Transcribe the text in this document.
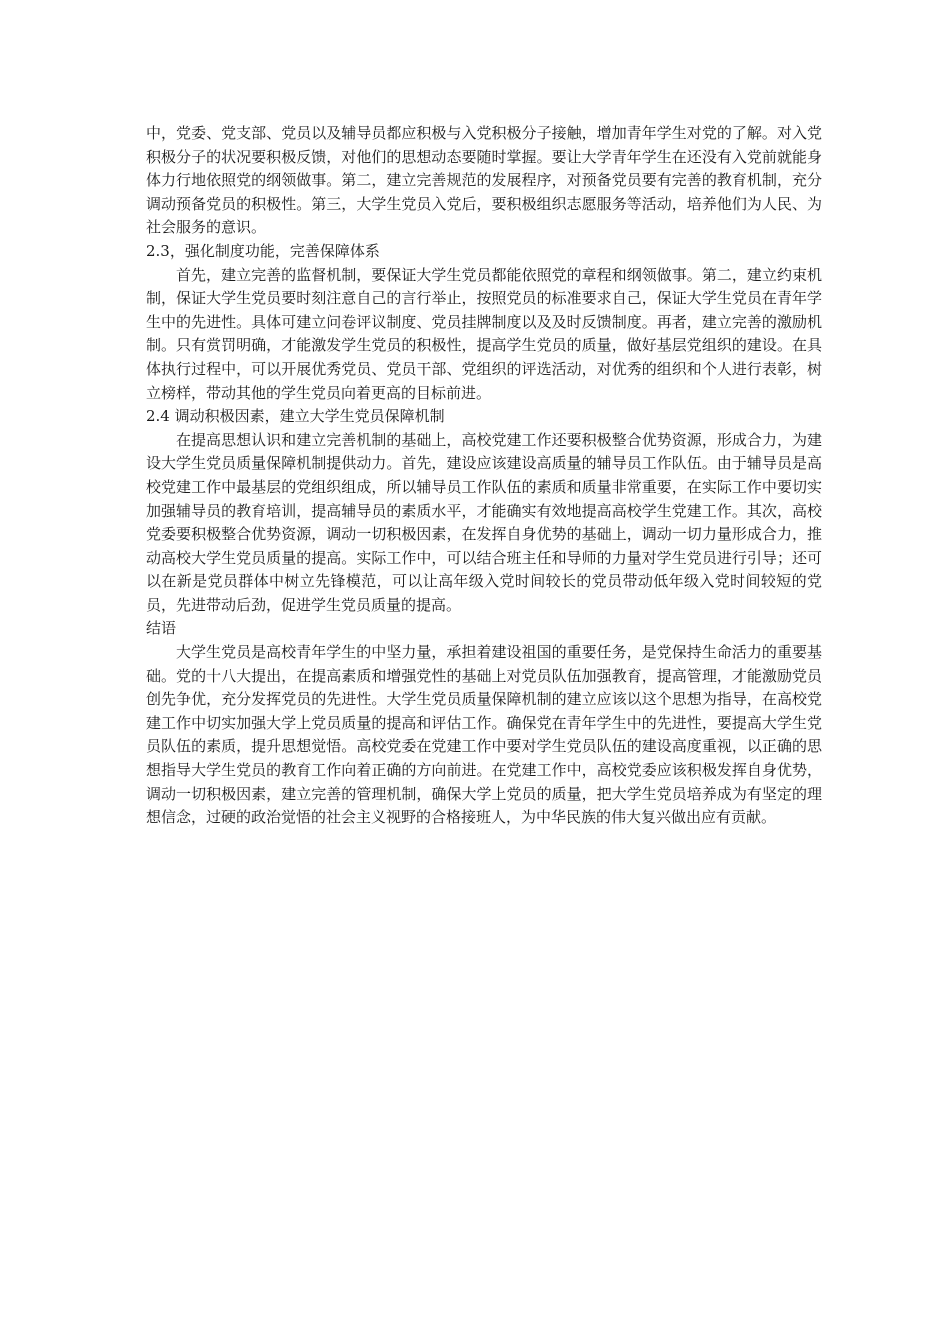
中，党委、党支部、党员以及辅导员都应积极与入党积极分子接触，增加青年学生对党的了解。对入党积极分子的状况要积极反馈，对他们的思想动态要随时掌握。要让大学青年学生在还没有入党前就能身体力行地依照党的纲领做事。第二，建立完善规范的发展程序，对预备党员要有完善的教育机制，充分调动预备党员的积极性。第三，大学生党员入党后，要积极组织志愿服务等活动，培养他们为人民、为社会服务的意识。

2.3，强化制度功能，完善保障体系

首先，建立完善的监督机制，要保证大学生党员都能依照党的章程和纲领做事。第二，建立约束机制，保证大学生党员要时刻注意自己的言行举止，按照党员的标准要求自己，保证大学生党员在青年学生中的先进性。具体可建立问卷评议制度、党员挂牌制度以及及时反馈制度。再者，建立完善的激励机制。只有赏罚明确，才能激发学生党员的积极性，提高学生党员的质量，做好基层党组织的建设。在具体执行过程中，可以开展优秀党员、党员干部、党组织的评选活动，对优秀的组织和个人进行表彰，树立榜样，带动其他的学生党员向着更高的目标前进。

2.4 调动积极因素，建立大学生党员保障机制

在提高思想认识和建立完善机制的基础上，高校党建工作还要积极整合优势资源，形成合力，为建设大学生党员质量保障机制提供动力。首先，建设应该建设高质量的辅导员工作队伍。由于辅导员是高校党建工作中最基层的党组织组成，所以辅导员工作队伍的素质和质量非常重要，在实际工作中要切实加强辅导员的教育培训，提高辅导员的素质水平，才能确实有效地提高高校学生党建工作。其次，高校党委要积极整合优势资源，调动一切积极因素，在发挥自身优势的基础上，调动一切力量形成合力，推动高校大学生党员质量的提高。实际工作中，可以结合班主任和导师的力量对学生党员进行引导；还可以在新是党员群体中树立先锋模范，可以让高年级入党时间较长的党员带动低年级入党时间较短的党员，先进带动后劲，促进学生党员质量的提高。

结语

大学生党员是高校青年学生的中坚力量，承担着建设祖国的重要任务，是党保持生命活力的重要基础。党的十八大提出，在提高素质和增强党性的基础上对党员队伍加强教育，提高管理，才能激励党员创先争优，充分发挥党员的先进性。大学生党员质量保障机制的建立应该以这个思想为指导，在高校党建工作中切实加强大学上党员质量的提高和评估工作。确保党在青年学生中的先进性，要提高大学生党员队伍的素质，提升思想觉悟。高校党委在党建工作中要对学生党员队伍的建设高度重视，以正确的思想指导大学生党员的教育工作向着正确的方向前进。在党建工作中，高校党委应该积极发挥自身优势，调动一切积极因素，建立完善的管理机制，确保大学上党员的质量，把大学生党员培养成为有坚定的理想信念，过硬的政治觉悟的社会主义视野的合格接班人，为中华民族的伟大复兴做出应有贡献。
